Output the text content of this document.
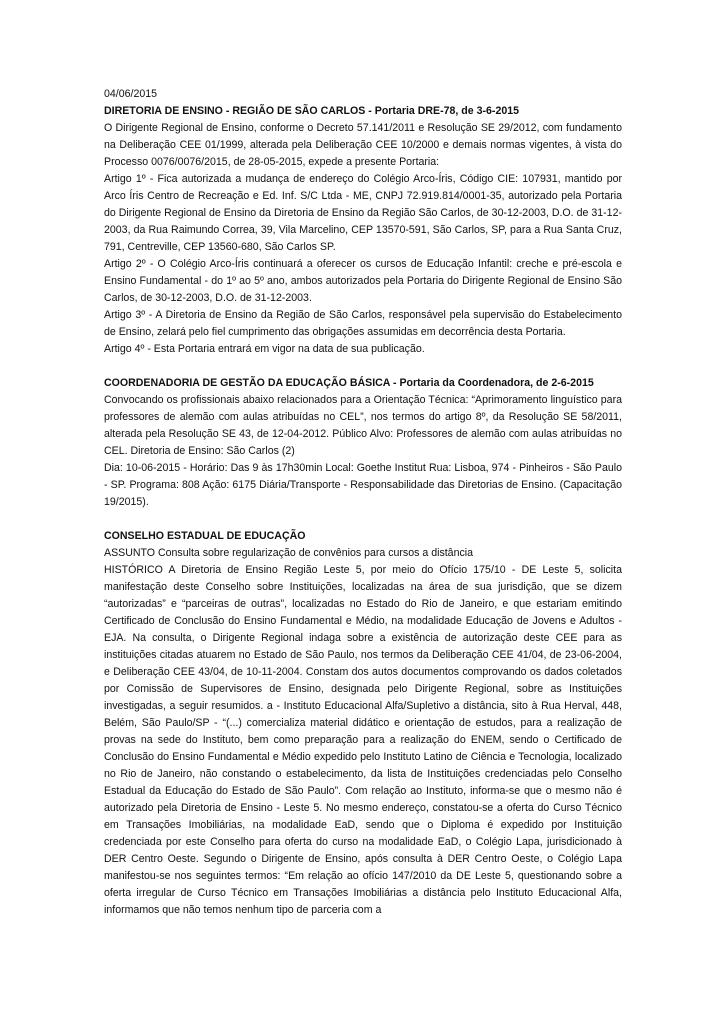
04/06/2015

DIRETORIA DE ENSINO - REGIÃO DE SÃO CARLOS - Portaria DRE-78, de 3-6-2015

O Dirigente Regional de Ensino, conforme o Decreto 57.141/2011 e Resolução SE 29/2012, com fundamento na Deliberação CEE 01/1999, alterada pela Deliberação CEE 10/2000 e demais normas vigentes, à vista do Processo 0076/0076/2015, de 28-05-2015, expede a presente Portaria:

Artigo 1º - Fica autorizada a mudança de endereço do Colégio Arco-Íris, Código CIE: 107931, mantido por Arco Íris Centro de Recreação e Ed. Inf. S/C Ltda - ME, CNPJ 72.919.814/0001-35, autorizado pela Portaria do Dirigente Regional de Ensino da Diretoria de Ensino da Região São Carlos, de 30-12-2003, D.O. de 31-12-2003, da Rua Raimundo Correa, 39, Vila Marcelino, CEP 13570-591, São Carlos, SP, para a Rua Santa Cruz, 791, Centreville, CEP 13560-680, São Carlos SP.

Artigo 2º - O Colégio Arco-Íris continuará a oferecer os cursos de Educação Infantil: creche e pré-escola e Ensino Fundamental - do 1º ao 5º ano, ambos autorizados pela Portaria do Dirigente Regional de Ensino São Carlos, de 30-12-2003, D.O. de 31-12-2003.

Artigo 3º - A Diretoria de Ensino da Região de São Carlos, responsável pela supervisão do Estabelecimento de Ensino, zelará pelo fiel cumprimento das obrigações assumidas em decorrência desta Portaria.

Artigo 4º - Esta Portaria entrará em vigor na data de sua publicação.

COORDENADORIA DE GESTÃO DA EDUCAÇÃO BÁSICA - Portaria da Coordenadora, de 2-6-2015

Convocando os profissionais abaixo relacionados para a Orientação Técnica: “Aprimoramento linguístico para professores de alemão com aulas atribuídas no CEL”, nos termos do artigo 8º, da Resolução SE 58/2011, alterada pela Resolução SE 43, de 12-04-2012. Público Alvo: Professores de alemão com aulas atribuídas no CEL. Diretoria de Ensino: São Carlos (2)

Dia: 10-06-2015 - Horário: Das 9 às 17h30min Local: Goethe Institut Rua: Lisboa, 974 - Pinheiros - São Paulo - SP. Programa: 808 Ação: 6175 Diária/Transporte - Responsabilidade das Diretorias de Ensino. (Capacitação 19/2015).

CONSELHO ESTADUAL DE EDUCAÇÃO

ASSUNTO Consulta sobre regularização de convênios para cursos a distância

HISTÓRICO A Diretoria de Ensino Região Leste 5, por meio do Ofício 175/10 - DE Leste 5, solicita manifestação deste Conselho sobre Instituições, localizadas na área de sua jurisdição, que se dizem “autorizadas” e “parceiras de outras”, localizadas no Estado do Rio de Janeiro, e que estariam emitindo Certificado de Conclusão do Ensino Fundamental e Médio, na modalidade Educação de Jovens e Adultos - EJA. Na consulta, o Dirigente Regional indaga sobre a existência de autorização deste CEE para as instituições citadas atuarem no Estado de São Paulo, nos termos da Deliberação CEE 41/04, de 23-06-2004, e Deliberação CEE 43/04, de 10-11-2004. Constam dos autos documentos comprovando os dados coletados por Comissão de Supervisores de Ensino, designada pelo Dirigente Regional, sobre as Instituições investigadas, a seguir resumidos. a - Instituto Educacional Alfa/Supletivo a distância, sito à Rua Herval, 448, Belém, São Paulo/SP - “(...) comercializa material didático e orientação de estudos, para a realização de provas na sede do Instituto, bem como preparação para a realização do ENEM, sendo o Certificado de Conclusão do Ensino Fundamental e Médio expedido pelo Instituto Latino de Ciência e Tecnologia, localizado no Rio de Janeiro, não constando o estabelecimento, da lista de Instituições credenciadas pelo Conselho Estadual da Educação do Estado de São Paulo”. Com relação ao Instituto, informa-se que o mesmo não é autorizado pela Diretoria de Ensino - Leste 5. No mesmo endereço, constatou-se a oferta do Curso Técnico em Transações Imobiliárias, na modalidade EaD, sendo que o Diploma é expedido por Instituição credenciada por este Conselho para oferta do curso na modalidade EaD, o Colégio Lapa, jurisdicionado à DER Centro Oeste. Segundo o Dirigente de Ensino, após consulta à DER Centro Oeste, o Colégio Lapa manifestou-se nos seguintes termos: “Em relação ao ofício 147/2010 da DE Leste 5, questionando sobre a oferta irregular de Curso Técnico em Transações Imobiliárias a distância pelo Instituto Educacional Alfa, informamos que não temos nenhum tipo de parceria com a
